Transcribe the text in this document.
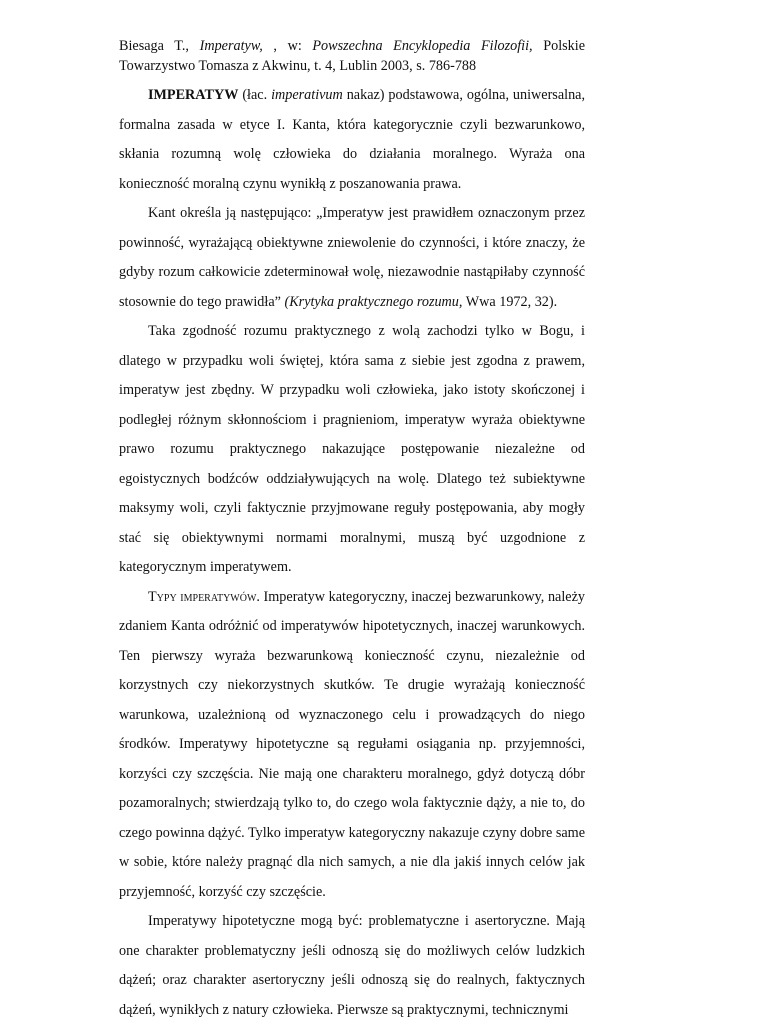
Biesaga T., Imperatyw, , w: Powszechna Encyklopedia Filozofii, Polskie Towarzystwo Tomasza z Akwinu, t. 4, Lublin 2003, s. 786-788

IMPERATYW (łac. imperativum nakaz) podstawowa, ogólna, uniwersalna, formalna zasada w etyce I. Kanta, która kategorycznie czyli bezwarunkowo, skłania rozumną wolę człowieka do działania moralnego. Wyraża ona konieczność moralną czynu wynikłą z poszanowania prawa.

Kant określa ją następująco: „Imperatyw jest prawidłem oznaczonym przez powinność, wyrażającą obiektywne zniewolenie do czynności, i które znaczy, że gdyby rozum całkowicie zdeterminował wolę, niezawodnie nastąpiłaby czynność stosownie do tego prawidła” (Krytyka praktycznego rozumu, Wwa 1972, 32).

Taka zgodność rozumu praktycznego z wolą zachodzi tylko w Bogu, i dlatego w przypadku woli świętej, która sama z siebie jest zgodna z prawem, imperatyw jest zbędny. W przypadku woli człowieka, jako istoty skończonej i podległej różnym skłonnościom i pragnieniom, imperatyw wyraża obiektywne prawo rozumu praktycznego nakazujące postępowanie niezależne od egoistycznych bodźców oddziaływujących na wolę. Dlatego też subiektywne maksymy woli, czyli faktycznie przyjmowane reguły postępowania, aby mogły stać się obiektywnymi normami moralnymi, muszą być uzgodnione z kategorycznym imperatywem.

Typy imperatywów. Imperatyw kategoryczny, inaczej bezwarunkowy, należy zdaniem Kanta odróżnić od imperatywów hipotetycznych, inaczej warunkowych. Ten pierwszy wyraża bezwarunkową konieczność czynu, niezależnie od korzystnych czy niekorzystnych skutków. Te drugie wyrażają konieczność warunkowa, uzależnioną od wyznaczonego celu i prowadzących do niego środków. Imperatywy hipotetyczne są regułami osiągania np. przyjemności, korzyści czy szczęścia. Nie mają one charakteru moralnego, gdyż dotyczą dóbr pozamoralnych; stwierdzają tylko to, do czego wola faktycznie dąży, a nie to, do czego powinna dążyć. Tylko imperatyw kategoryczny nakazuje czyny dobre same w sobie, które należy pragnąć dla nich samych, a nie dla jakiś innych celów jak przyjemność, korzyść czy szczęście.

Imperatywy hipotetyczne mogą być: problematyczne i asertoryczne. Mają one charakter problematyczny jeśli odnoszą się do możliwych celów ludzkich dążeń; oraz charakter asertoryczny jeśli odnoszą się do realnych, faktycznych dążeń, wynikłych z natury człowieka. Pierwsze są praktycznymi, technicznymi
